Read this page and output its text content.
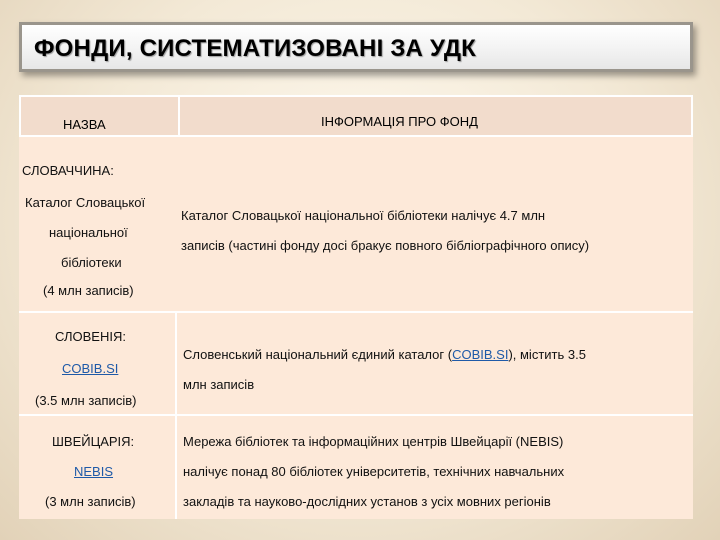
ФОНДИ, СИСТЕМАТИЗОВАНІ ЗА УДК
НАЗВА	ІНФОРМАЦІЯ ПРО ФОНД
СЛОВАЧЧИНА:
Каталог Словацької
національної
бібліотеки
(4 млн записів)
Каталог Словацької національної бібліотеки налічує 4.7 млн
записів (частині фонду досі бракує повного бібліографічного опису)
СЛОВЕНІЯ:
COBIB.SI
(3.5 млн записів)
Словенський національний єдиний каталог (COBIB.SI), містить 3.5
млн записів
ШВЕЙЦАРІЯ:
NEBIS
(3 млн записів)
Мережа бібліотек та інформаційних центрів Швейцарії (NEBIS)
налічує понад 80 бібліотек університетів, технічних навчальних
закладів та науково-дослідних установ з усіх мовних регіонів
